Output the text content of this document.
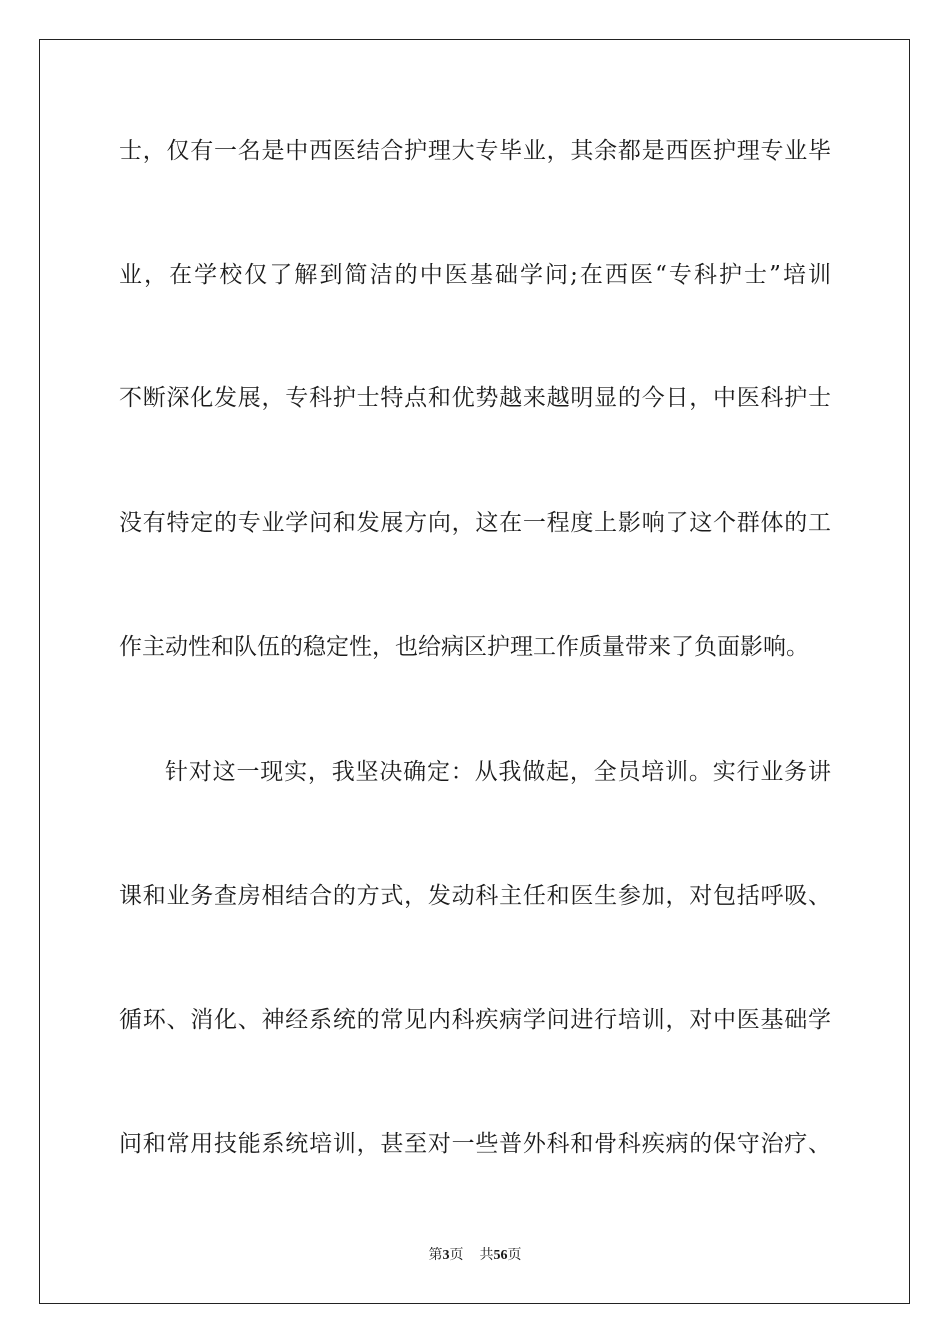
士，仅有一名是中西医结合护理大专毕业，其余都是西医护理专业毕

业，在学校仅了解到简洁的中医基础学问;在西医“专科护士”培训

不断深化发展，专科护士特点和优势越来越明显的今日，中医科护士

没有特定的专业学问和发展方向，这在一程度上影响了这个群体的工

作主动性和队伍的稳定性，也给病区护理工作质量带来了负面影响。

针对这一现实，我坚决确定：从我做起，全员培训。实行业务讲

课和业务查房相结合的方式，发动科主任和医生参加，对包括呼吸、

循环、消化、神经系统的常见内科疾病学问进行培训，对中医基础学

问和常用技能系统培训，甚至对一些普外科和骨科疾病的保守治疗、

第3页 共56页
